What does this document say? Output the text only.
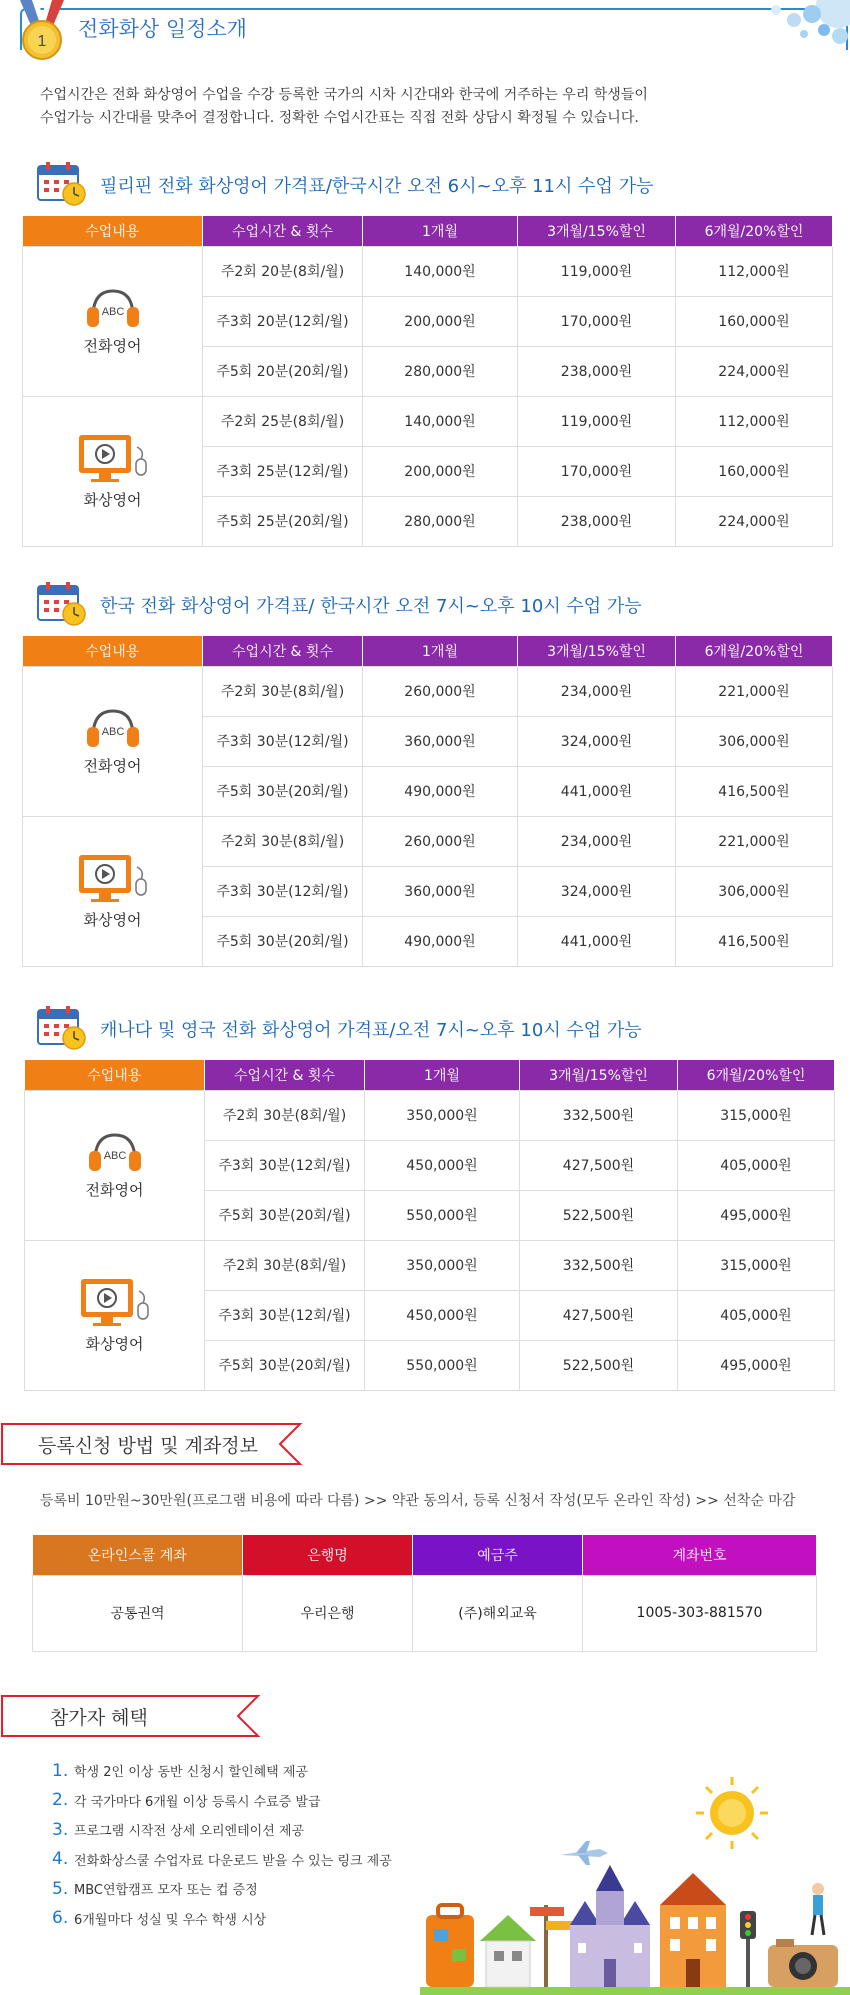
1
전화화상 일정소개
수업시간은 전화 화상영어 수업을 수강 등록한 국가의 시차 시간대와 한국에 거주하는 우리 학생들이
수업가능 시간대를 맞추어 결정합니다. 정확한 수업시간표는 직접 전화 상담시 확정될 수 있습니다.
필리핀 전화 화상영어 가격표/한국시간 오전 6시~오후 11시 수업 가능
수업내용	수업시간 & 횟수	1개월	3개월/15%할인	6개월/20%할인

ABC
전화영어	주2회 20분(8회/월)	140,000원	119,000원	112,000원
	주3회 20분(12회/월)	200,000원	170,000원	160,000원
	주5회 20분(20회/월)	280,000원	238,000원	224,000원

화상영어	주2회 25분(8회/월)	140,000원	119,000원	112,000원
	주3회 25분(12회/월)	200,000원	170,000원	160,000원
	주5회 25분(20회/월)	280,000원	238,000원	224,000원
한국 전화 화상영어 가격표/ 한국시간 오전 7시~오후 10시 수업 가능
수업내용	수업시간 & 횟수	1개월	3개월/15%할인	6개월/20%할인

ABC
전화영어	주2회 30분(8회/월)	260,000원	234,000원	221,000원
	주3회 30분(12회/월)	360,000원	324,000원	306,000원
	주5회 30분(20회/월)	490,000원	441,000원	416,500원

화상영어	주2회 30분(8회/월)	260,000원	234,000원	221,000원
	주3회 30분(12회/월)	360,000원	324,000원	306,000원
	주5회 30분(20회/월)	490,000원	441,000원	416,500원
캐나다 및 영국 전화 화상영어 가격표/오전 7시~오후 10시 수업 가능
수업내용	수업시간 & 횟수	1개월	3개월/15%할인	6개월/20%할인

ABC
전화영어	주2회 30분(8회/월)	350,000원	332,500원	315,000원
	주3회 30분(12회/월)	450,000원	427,500원	405,000원
	주5회 30분(20회/월)	550,000원	522,500원	495,000원

화상영어	주2회 30분(8회/월)	350,000원	332,500원	315,000원
	주3회 30분(12회/월)	450,000원	427,500원	405,000원
	주5회 30분(20회/월)	550,000원	522,500원	495,000원
등록신청 방법 및 계좌정보
등록비 10만원~30만원(프로그램 비용에 따라 다름) >> 약관 동의서, 등록 신청서 작성(모두 온라인 작성) >> 선착순 마감
온라인스쿨 계좌	은행명	예금주	계좌번호
공통권역	우리은행	(주)해외교육	1005-303-881570
참가자 혜택
1. 학생 2인 이상 동반 신청시 할인혜택 제공
2. 각 국가마다 6개월 이상 등록시 수료증 발급
3. 프로그램 시작전 상세 오리엔테이션 제공
4. 전화화상스쿨 수업자료 다운로드 받을 수 있는 링크 제공
5. MBC연합캠프 모자 또는 컵 증정
6. 6개월마다 성실 및 우수 학생 시상
